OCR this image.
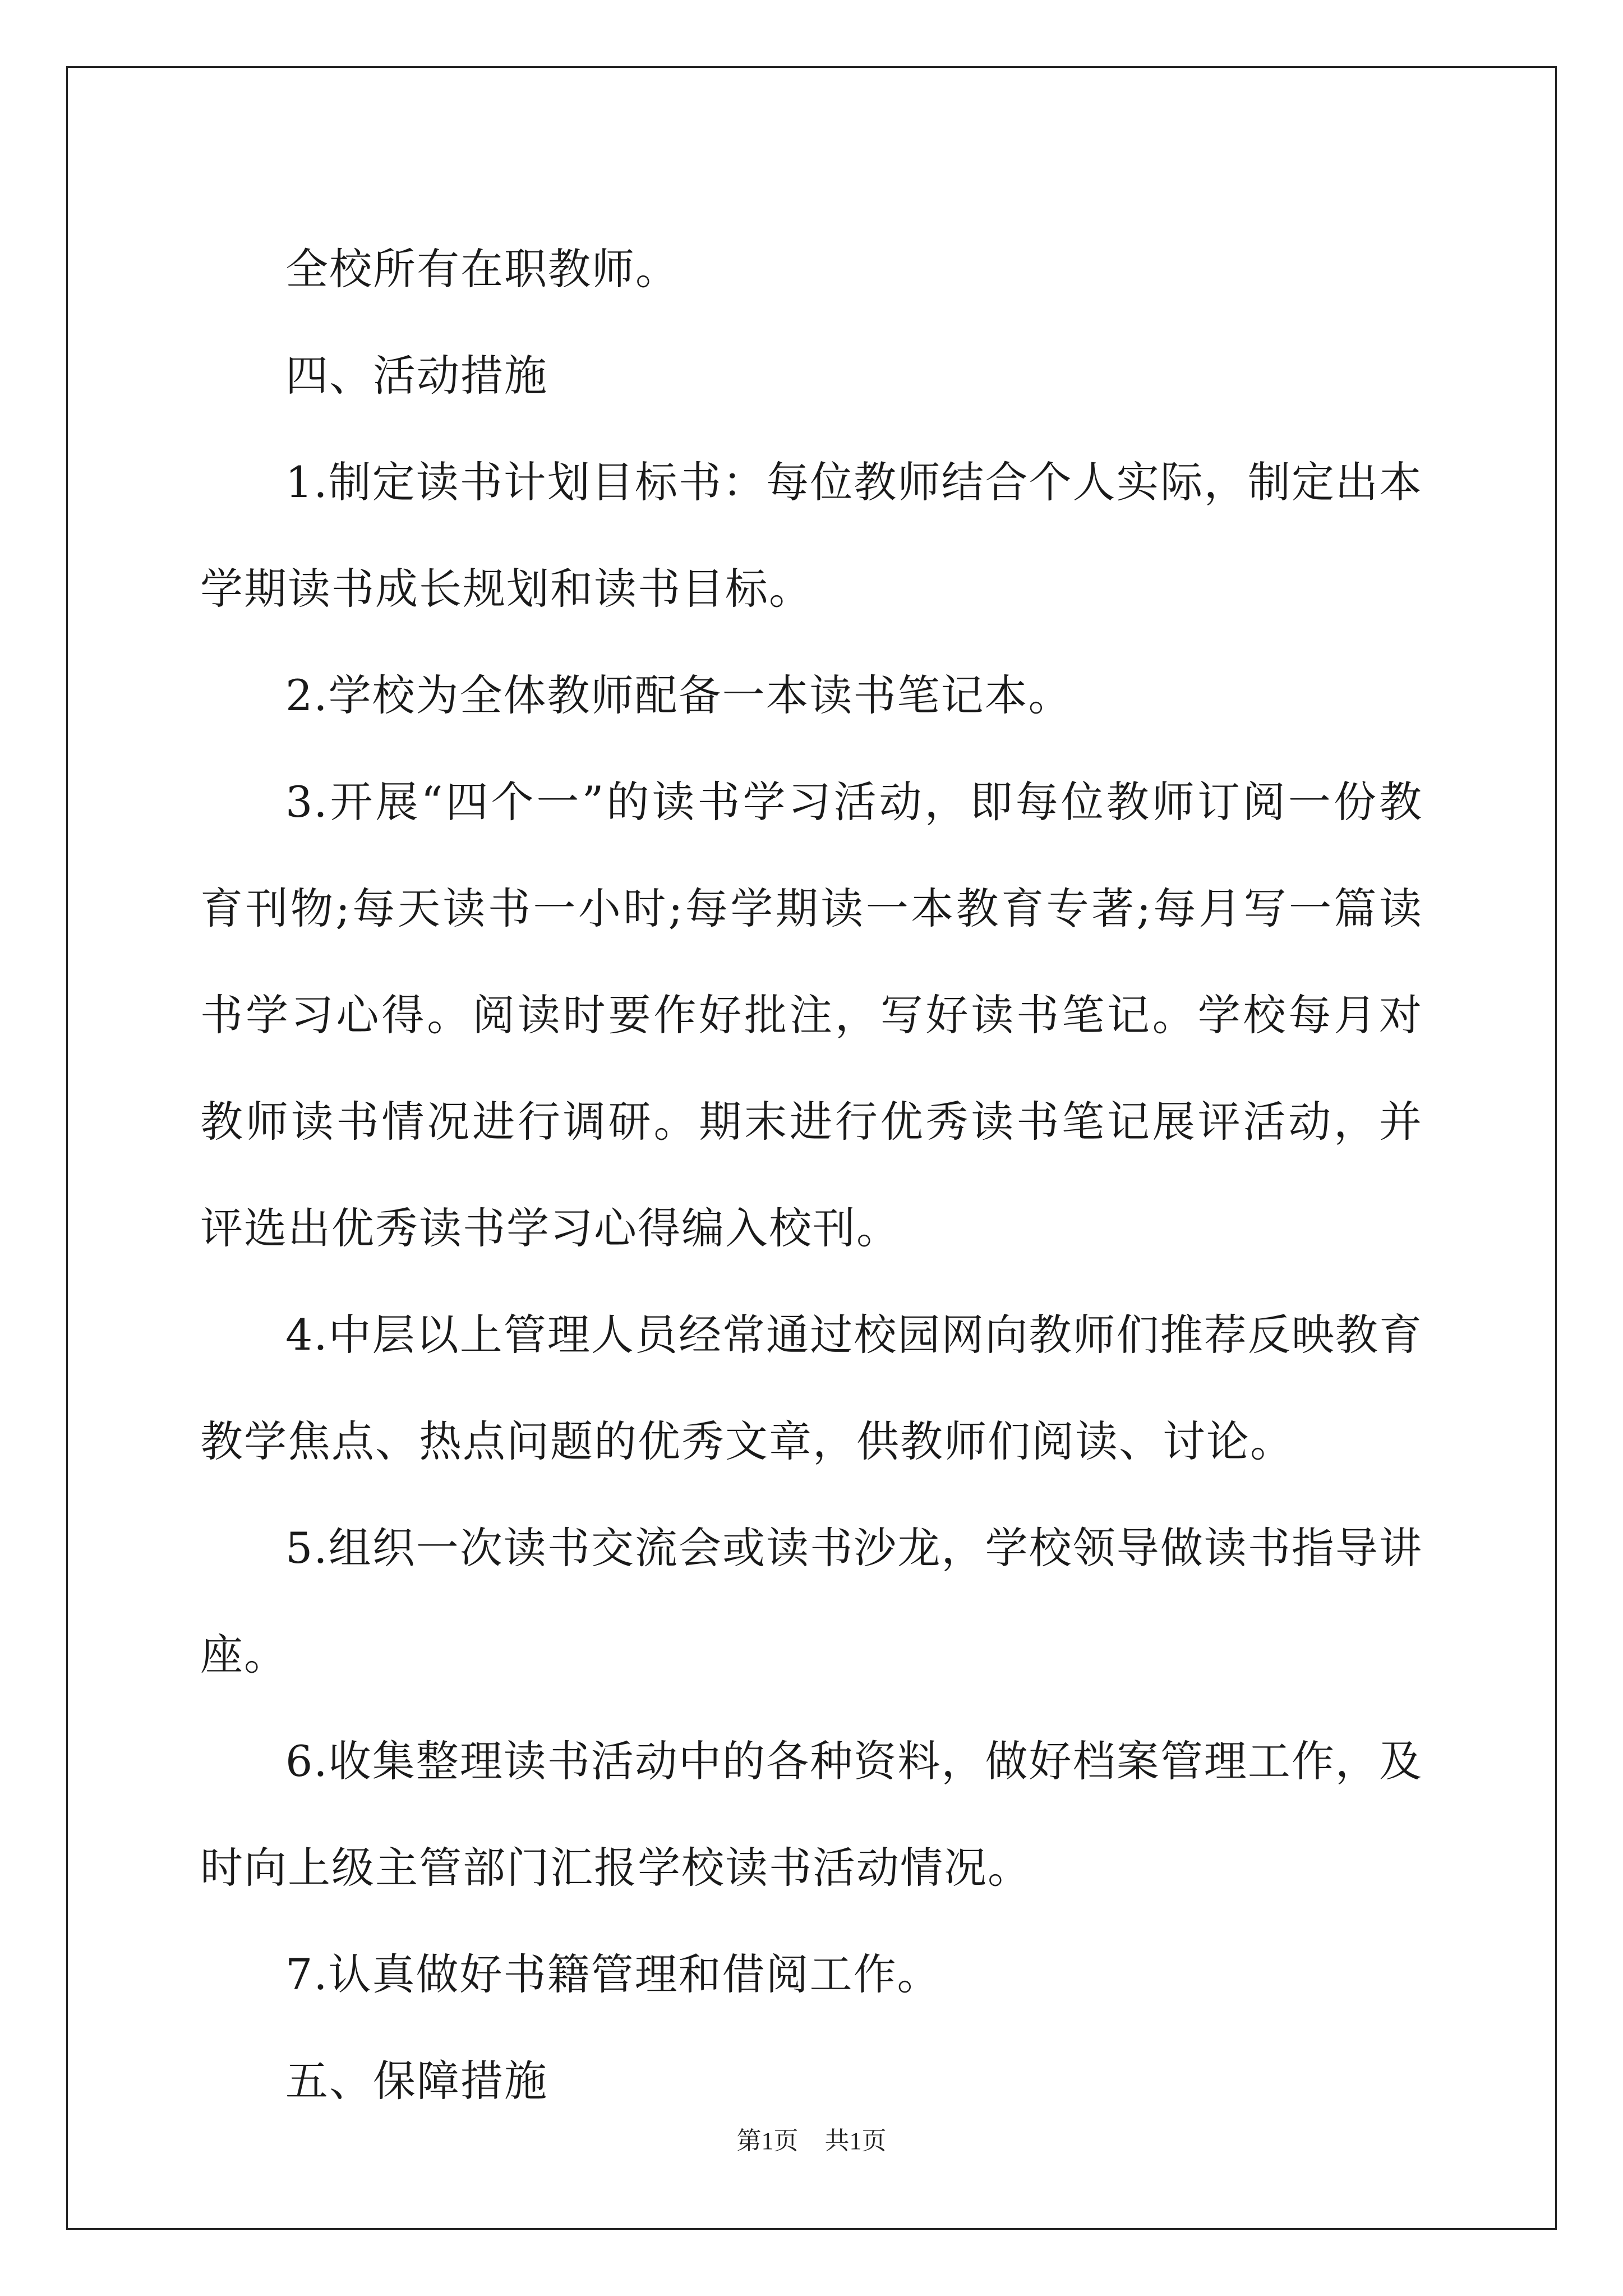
全校所有在职教师。

四、活动措施

1.制定读书计划目标书：每位教师结合个人实际，制定出本学期读书成长规划和读书目标。

2.学校为全体教师配备一本读书笔记本。

3.开展“四个一”的读书学习活动，即每位教师订阅一份教育刊物;每天读书一小时;每学期读一本教育专著;每月写一篇读书学习心得。阅读时要作好批注，写好读书笔记。学校每月对教师读书情况进行调研。期末进行优秀读书笔记展评活动，并评选出优秀读书学习心得编入校刊。

4.中层以上管理人员经常通过校园网向教师们推荐反映教育教学焦点、热点问题的优秀文章，供教师们阅读、讨论。

5.组织一次读书交流会或读书沙龙，学校领导做读书指导讲座。

6.收集整理读书活动中的各种资料，做好档案管理工作，及时向上级主管部门汇报学校读书活动情况。

7.认真做好书籍管理和借阅工作。

五、保障措施

第1页 共1页
